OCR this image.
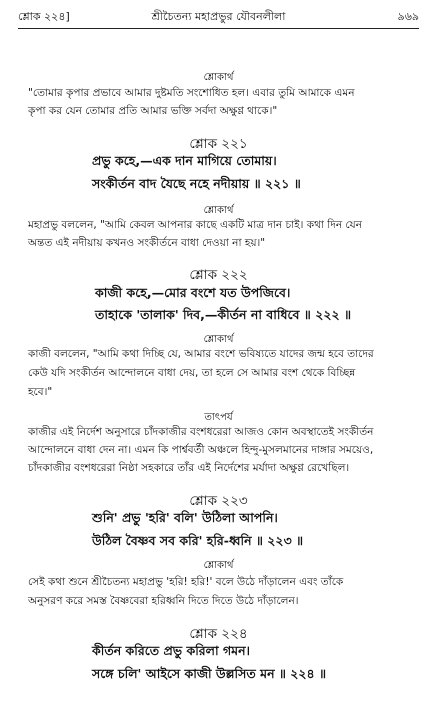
শ্লোক ২২৪]	শ্রীচৈতন্য মহাপ্রভুর যৌবনলীলা	৯৬৯
শ্লোকার্থ
"তোমার কৃপার প্রভাবে আমার দুষ্টমতি সংশোধিত হল। এবার তুমি আমাকে এমন
কৃপা কর যেন তোমার প্রতি আমার ভক্তি সর্বদা অক্ষুণ্ণ থাকে।"
শ্লোক ২২১
প্রভু কহে,—এক দান মাগিয়ে তোমায়।
সংকীর্তন বাদ যৈছে নহে নদীয়ায় ॥ ২২১ ॥
শ্লোকার্থ
মহাপ্রভু বললেন, "আমি কেবল আপনার কাছে একটি মাত্র দান চাই। কথা দিন যেন
অন্তত এই নদীয়ায় কখনও সংকীর্তনে বাধা দেওয়া না হয়।"
শ্লোক ২২২
কাজী কহে,—মোর বংশে যত উপজিবে।
তাহাকে 'তালাক' দিব,—কীর্তন না বাধিবে ॥ ২২২ ॥
শ্লোকার্থ
কাজী বললেন, "আমি কথা দিচ্ছি যে, আমার বংশে ভবিষ্যতে যাদের জন্ম হবে তাদের
কেউ যদি সংকীর্তন আন্দোলনে বাধা দেয়, তা হলে সে আমার বংশ থেকে বিচ্ছিন্ন
হবে।"
তাৎপর্য
কাজীর এই নির্দেশ অনুসারে চাঁদকাজীর বংশধরেরা আজও কোন অবস্থাতেই সংকীর্তন
আন্দোলনে বাধা দেন না। এমন কি পার্শ্ববর্তী অঞ্চলে হিন্দু-মুসলমানের দাঙ্গার সময়েও,
চাঁদকাজীর বংশধরেরা নিষ্ঠা সহকারে তাঁর এই নির্দেশের মর্যাদা অক্ষুণ্ণ রেখেছিল।
শ্লোক ২২৩
শুনি' প্রভু 'হরি' বলি' উঠিলা আপনি।
উঠিল বৈষ্ণব সব করি' হরি-ধ্বনি ॥ ২২৩ ॥
শ্লোকার্থ
সেই কথা শুনে শ্রীচৈতন্য মহাপ্রভু 'হরি! হরি!' বলে উঠে দাঁড়ালেন এবং তাঁকে
অনুসরণ করে সমস্ত বৈষ্ণবেরা হরিধ্বনি দিতে দিতে উঠে দাঁড়ালেন।
শ্লোক ২২৪
কীর্তন করিতে প্রভু করিলা গমন।
সঙ্গে চলি' আইসে কাজী উল্লসিত মন ॥ ২২৪ ॥
